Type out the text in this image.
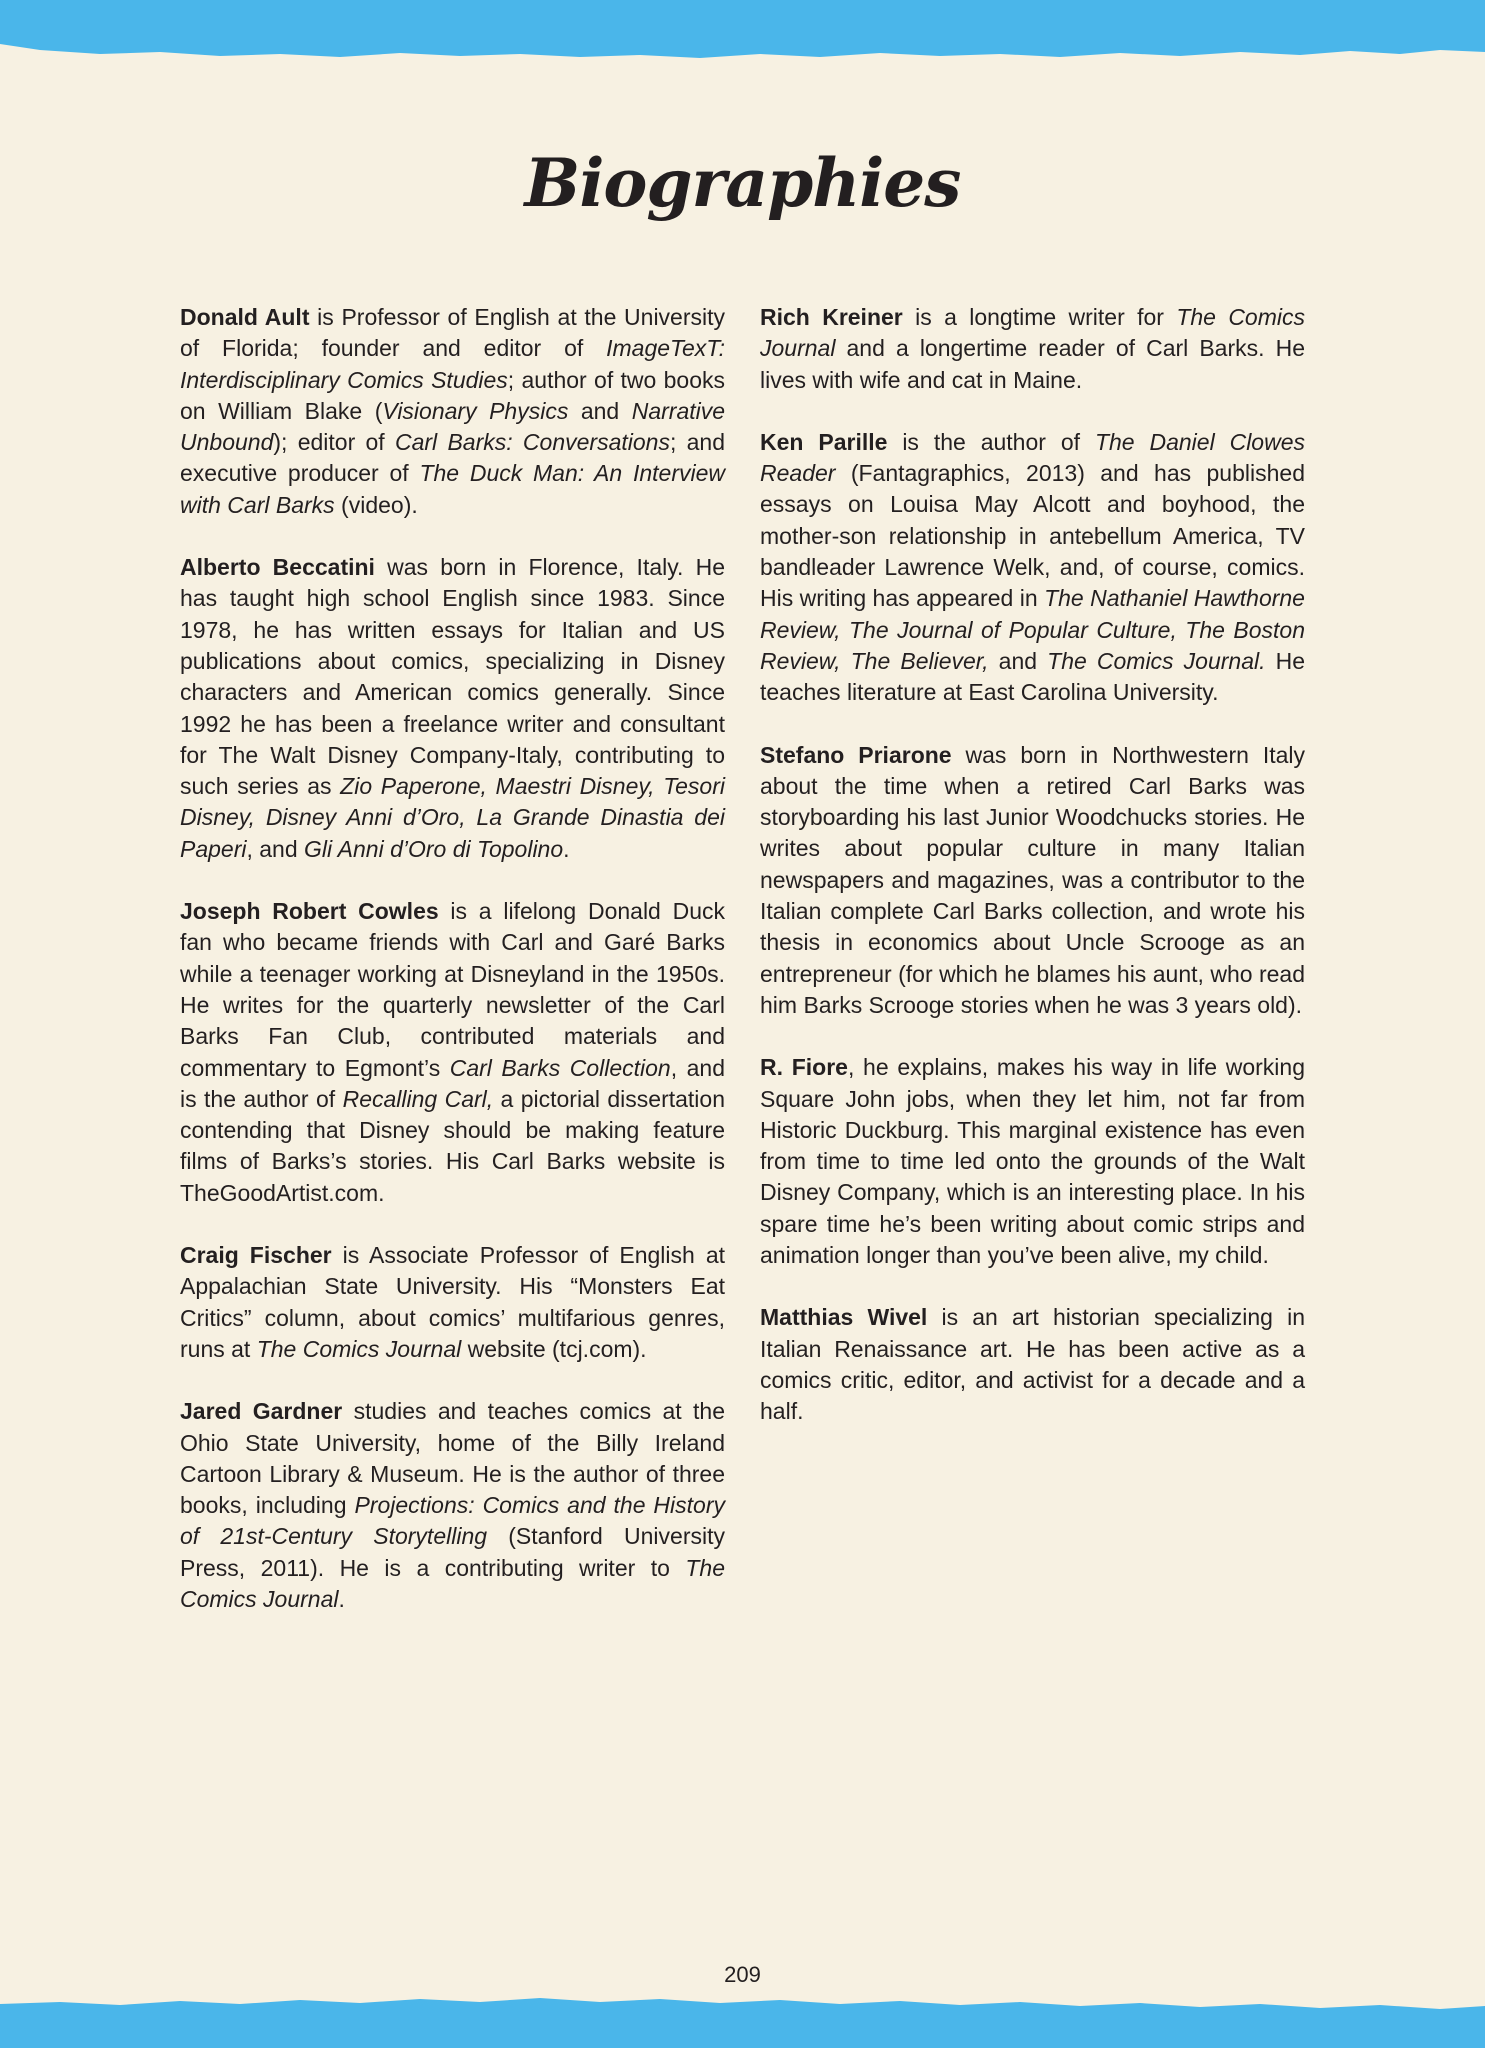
Biographies

Donald Ault is Professor of English at the University of Florida; founder and editor of ImageTexT: Interdisciplinary Comics Studies; author of two books on William Blake (Visionary Physics and Narrative Unbound); editor of Carl Barks: Conversations; and executive producer of The Duck Man: An Interview with Carl Barks (video).

Alberto Beccatini was born in Florence, Italy. He has taught high school English since 1983. Since 1978, he has written essays for Italian and US publications about comics, specializing in Disney characters and American comics generally. Since 1992 he has been a freelance writer and consultant for The Walt Disney Company-Italy, contributing to such series as Zio Paperone, Maestri Disney, Tesori Disney, Disney Anni d’Oro, La Grande Dinastia dei Paperi, and Gli Anni d’Oro di Topolino.

Joseph Robert Cowles is a lifelong Donald Duck fan who became friends with Carl and Garé Barks while a teenager working at Disneyland in the 1950s. He writes for the quarterly newsletter of the Carl Barks Fan Club, contributed materials and commentary to Egmont’s Carl Barks Collection, and is the author of Recalling Carl, a pictorial dissertation contending that Disney should be making feature films of Barks’s stories. His Carl Barks website is TheGoodArtist.com.

Craig Fischer is Associate Professor of English at Appalachian State University. His “Monsters Eat Critics” column, about comics’ multifarious genres, runs at The Comics Journal website (tcj.com).

Jared Gardner studies and teaches comics at the Ohio State University, home of the Billy Ireland Cartoon Library & Museum. He is the author of three books, including Projections: Comics and the History of 21st-Century Storytelling (Stanford University Press, 2011). He is a contributing writer to The Comics Journal.

Rich Kreiner is a longtime writer for The Comics Journal and a longertime reader of Carl Barks. He lives with wife and cat in Maine.

Ken Parille is the author of The Daniel Clowes Reader (Fantagraphics, 2013) and has published essays on Louisa May Alcott and boyhood, the mother-son relationship in antebellum America, TV bandleader Lawrence Welk, and, of course, comics. His writing has appeared in The Nathaniel Hawthorne Review, The Journal of Popular Culture, The Boston Review, The Believer, and The Comics Journal. He teaches literature at East Carolina University.

Stefano Priarone was born in Northwestern Italy about the time when a retired Carl Barks was storyboarding his last Junior Woodchucks stories. He writes about popular culture in many Italian newspapers and magazines, was a contributor to the Italian complete Carl Barks collection, and wrote his thesis in economics about Uncle Scrooge as an entrepreneur (for which he blames his aunt, who read him Barks Scrooge stories when he was 3 years old).

R. Fiore, he explains, makes his way in life working Square John jobs, when they let him, not far from Historic Duckburg. This marginal existence has even from time to time led onto the grounds of the Walt Disney Company, which is an interesting place. In his spare time he’s been writing about comic strips and animation longer than you’ve been alive, my child.

Matthias Wivel is an art historian specializing in Italian Renaissance art. He has been active as a comics critic, editor, and activist for a decade and a half.

209
